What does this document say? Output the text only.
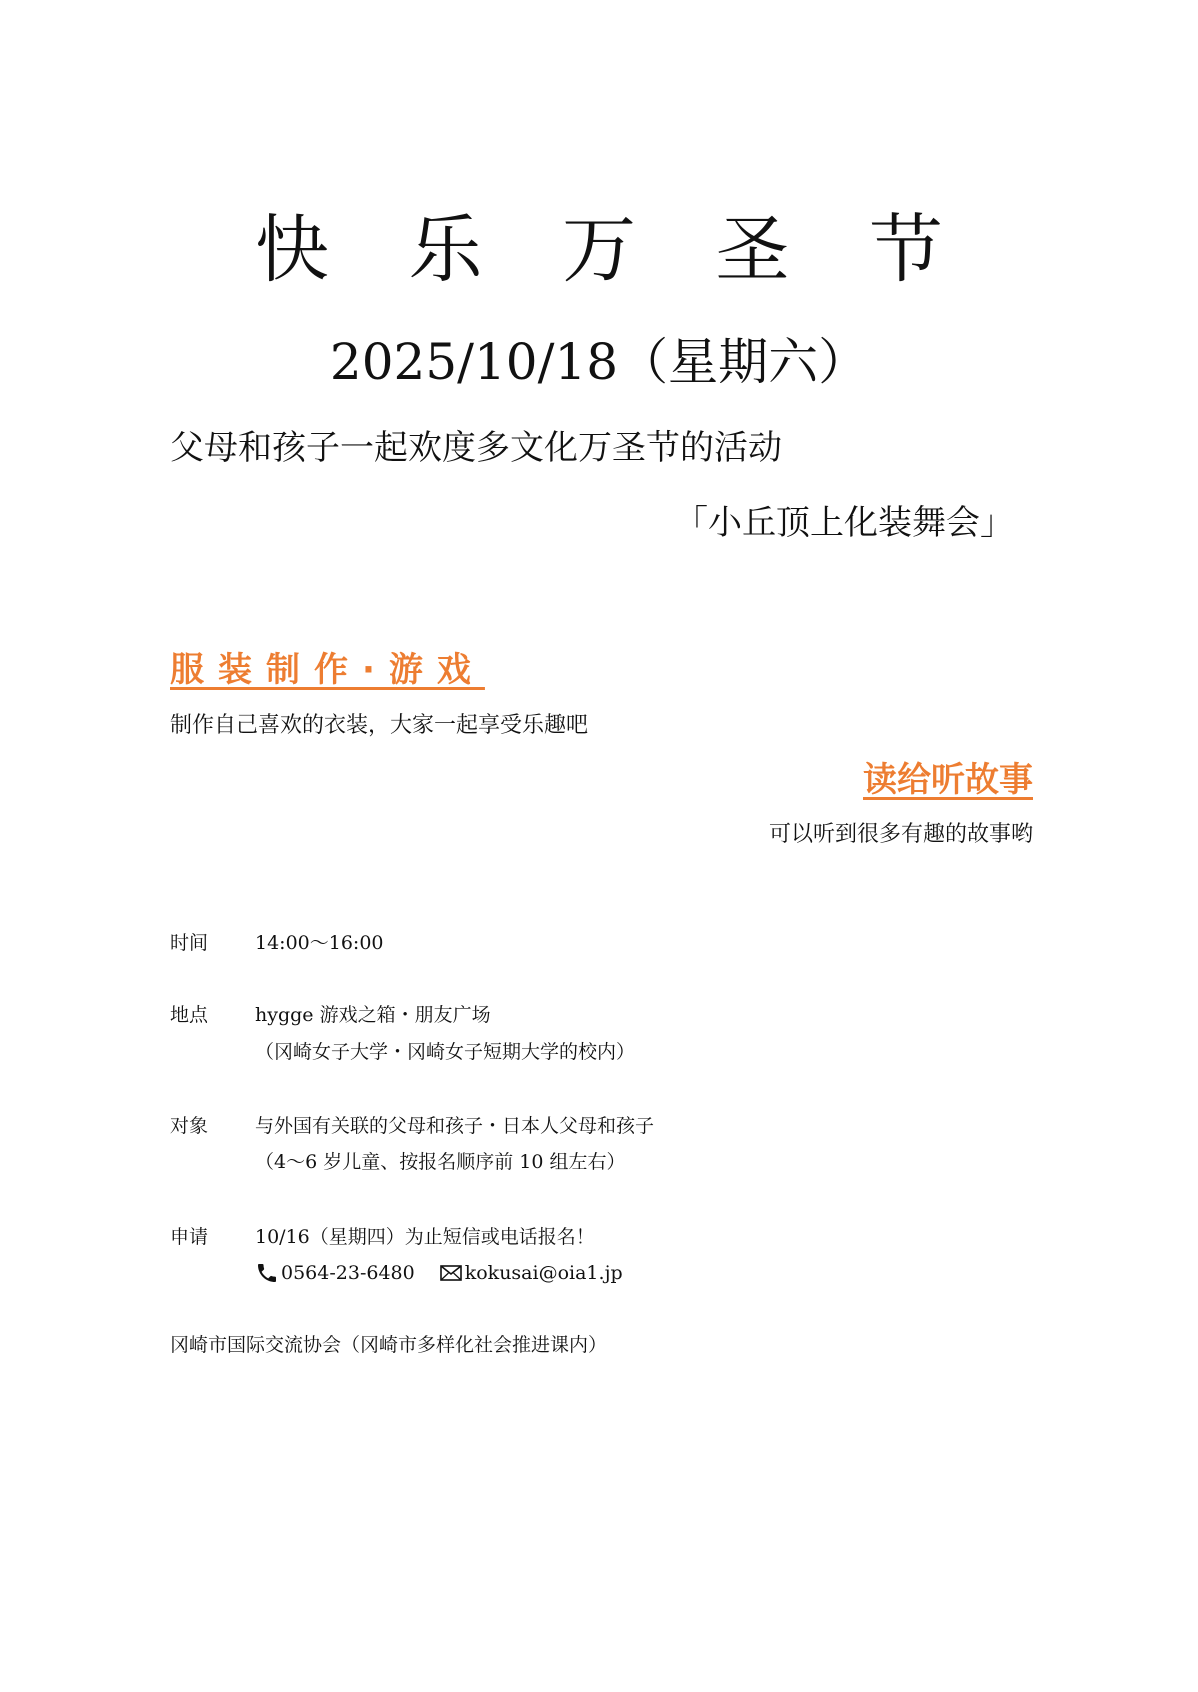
快 乐 万 圣 节
2025/10/18（星期六）
父母和孩子一起欢度多文化万圣节的活动
「小丘顶上化装舞会」
服装制作·游戏
制作自己喜欢的衣装，大家一起享受乐趣吧
读给听故事
可以听到很多有趣的故事哟
时间 14:00～16:00
地点 hygge 游戏之箱・朋友广场
（冈崎女子大学・冈崎女子短期大学的校内）
对象 与外国有关联的父母和孩子・日本人父母和孩子
（4～6 岁儿童、按报名顺序前 10 组左右）
申请 10/16（星期四）为止短信或电话报名！
0564-23-6480	kokusai@oia1.jp
冈崎市国际交流协会（冈崎市多样化社会推进课内）
